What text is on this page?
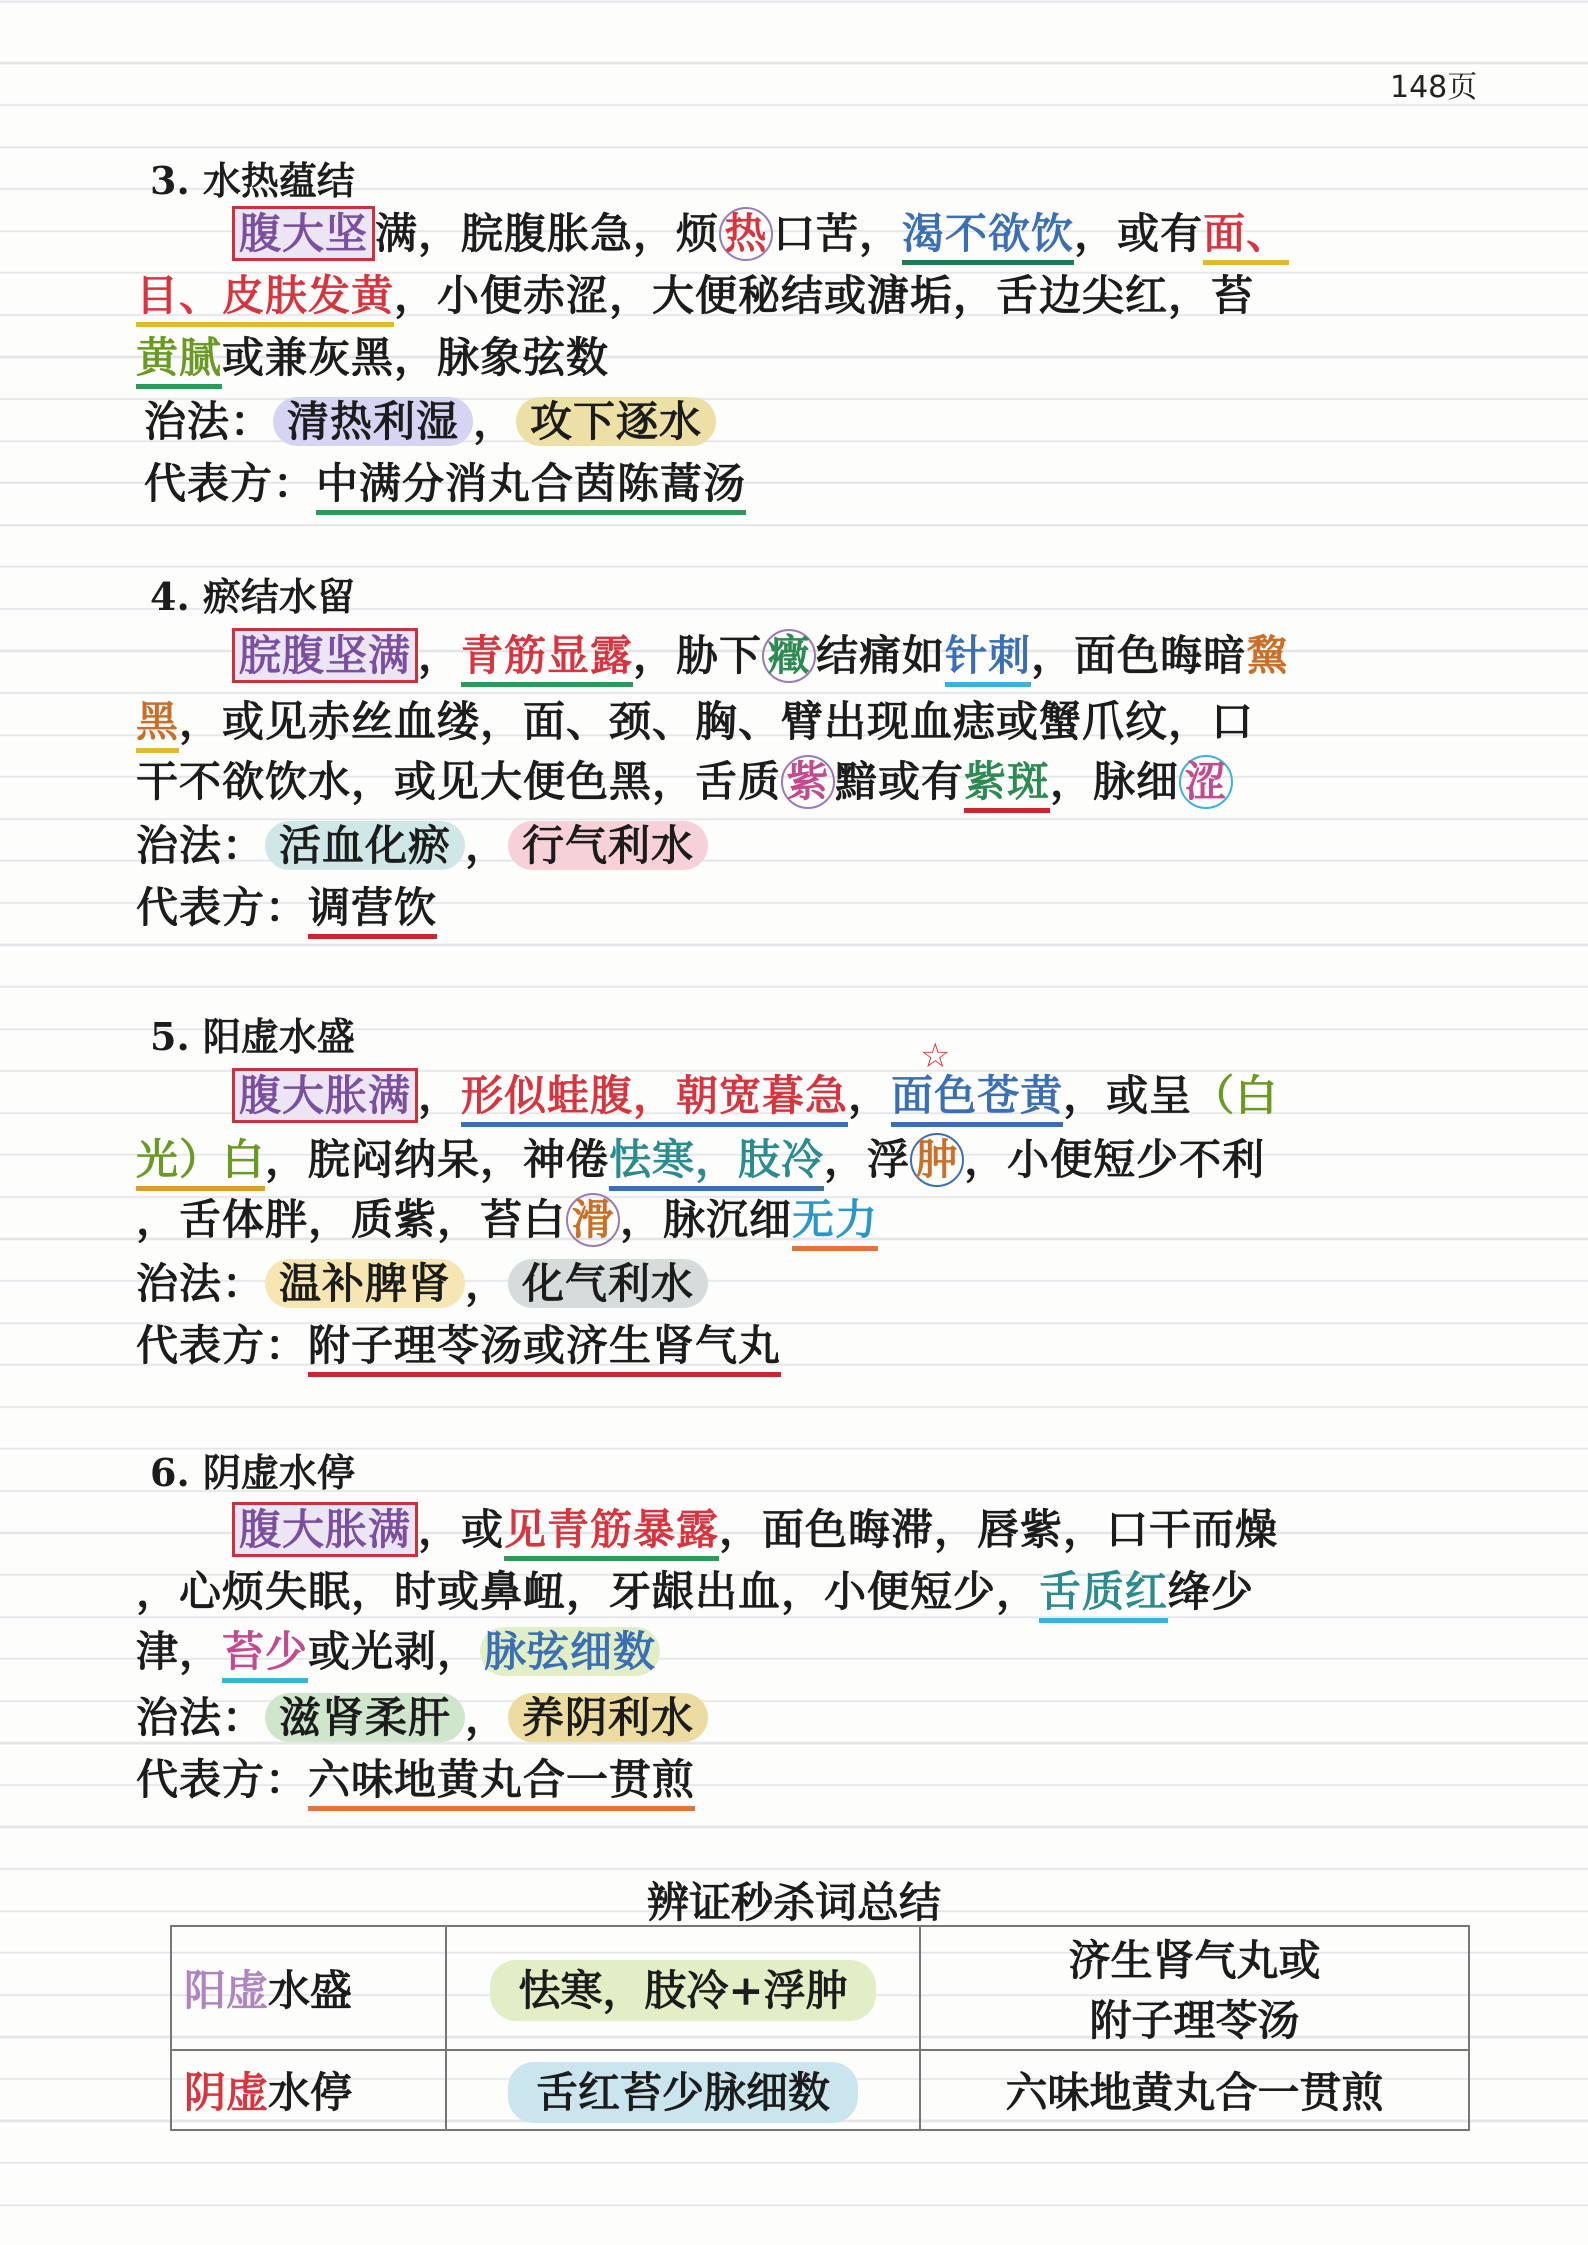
148页
3. 水热蕴结
腹大坚 满，脘腹胀急，烦 热 口苦，渴不欲饮，或有面、
目、皮肤发黄，小便赤涩，大便秘结或溏垢，舌边尖红，苔
黄腻或兼灰黑，脉象弦数
治法： 清热利湿 ， 攻下逐水
代表方：中满分消丸合茵陈蒿汤
4. 瘀结水留
脘腹坚满 ，青筋显露，胁下 癥 结痛如针刺，面色晦暗黧
黑，或见赤丝血缕，面、颈、胸、臂出现血痣或蟹爪纹，口
干不欲饮水，或见大便色黑，舌质 紫 黯或有紫斑，脉细 涩
治法： 活血化瘀 ， 行气利水
代表方：调营饮
5. 阳虚水盛	☆
腹大胀满 ，形似蛙腹，朝宽暮急，面色苍黄，或呈（白
光）白，脘闷纳呆，神倦怯寒，肢冷，浮 肿 ，小便短少不利
，舌体胖，质紫，苔白 滑 ，脉沉细无力
治法： 温补脾肾 ， 化气利水
代表方：附子理苓汤或济生肾气丸
6. 阴虚水停
腹大胀满 ，或见青筋暴露，面色晦滞，唇紫，口干而燥
，心烦失眠，时或鼻衄，牙龈出血，小便短少，舌质红绛少
津，苔少或光剥，脉弦细数
治法： 滋肾柔肝 ， 养阴利水
代表方：六味地黄丸合一贯煎
辨证秒杀词总结
阳虚水盛	怯寒，肢冷+浮肿	济生肾气丸或
附子理苓汤

阴虚水停	舌红苔少脉细数	六味地黄丸合一贯煎
